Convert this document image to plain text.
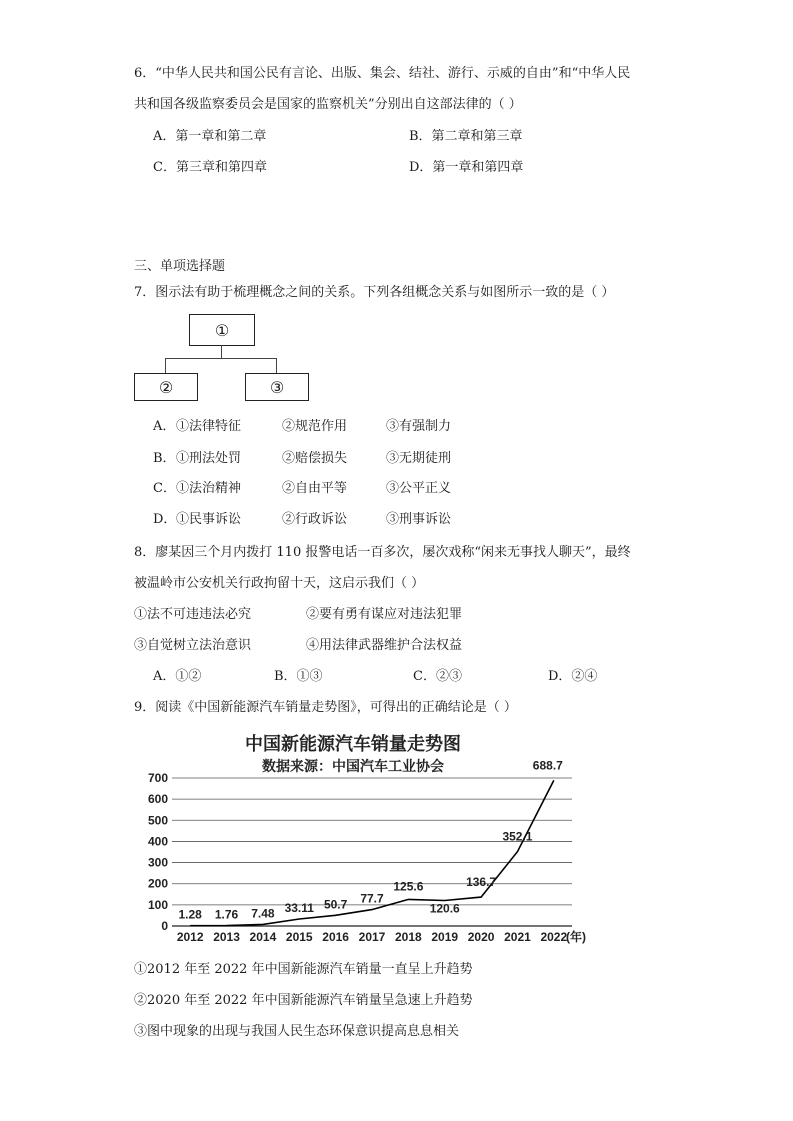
6．“中华人民共和国公民有言论、出版、集会、结社、游行、示威的自由”和“中华人民
共和国各级监察委员会是国家的监察机关”分别出自这部法律的（ ）
A．第一章和第二章	B．第二章和第三章
C．第三章和第四章	D．第一章和第四章
三、单项选择题
7．图示法有助于梳理概念之间的关系。下列各组概念关系与如图所示一致的是（ ）
①
②	③
A． ①法律特征	②规范作用	③有强制力
B． ①刑法处罚	②赔偿损失	③无期徒刑
C． ①法治精神	②自由平等	③公平正义
D． ①民事诉讼	②行政诉讼	③刑事诉讼
8．廖某因三个月内拨打 110 报警电话一百多次，屡次戏称“闲来无事找人聊天”，最终
被温岭市公安机关行政拘留十天，这启示我们（ ）
①法不可违违法必究	②要有勇有谋应对违法犯罪
③自觉树立法治意识	④用法律武器维护合法权益
A．①②	B．①③	C．②③	D．②④
9．阅读《中国新能源汽车销量走势图》，可得出的正确结论是（ ）
中国新能源汽车销量走势图
数据来源：中国汽车工业协会
0
100
200
300
400
500
600
700
2012 2013 2014 2015 2016 2017 2018 2019 2020 2021 2022
1.28 1.76 7.48 33.11 50.7 77.7
125.6
120.6
136.7
352.1
688.7
(年)
①2012 年至 2022 年中国新能源汽车销量一直呈上升趋势
②2020 年至 2022 年中国新能源汽车销量呈急速上升趋势
③图中现象的出现与我国人民生态环保意识提高息息相关
